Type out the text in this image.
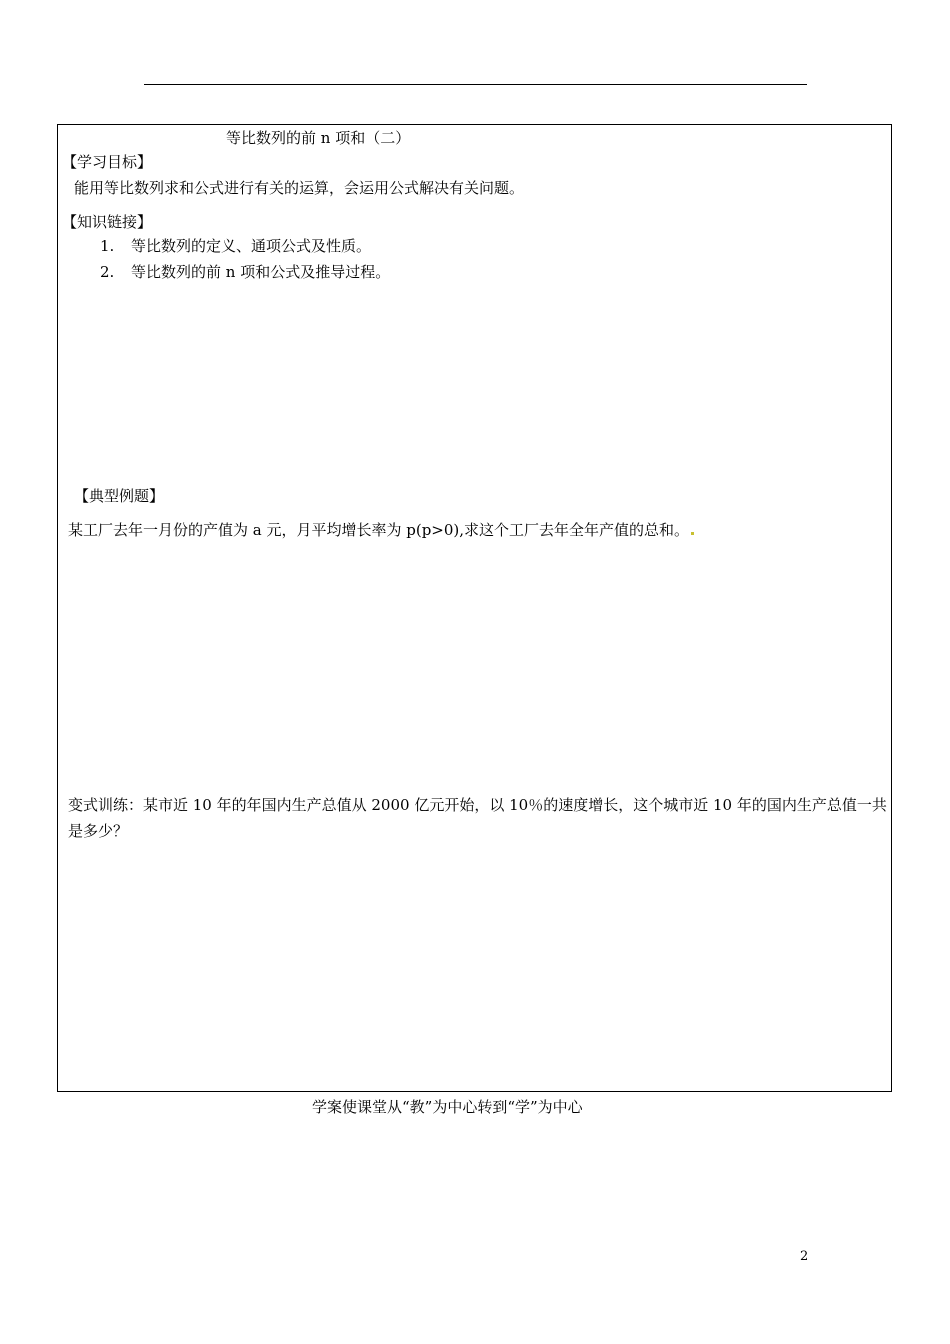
等比数列的前 n 项和（二）
【学习目标】
能用等比数列求和公式进行有关的运算，会运用公式解决有关问题。
【知识链接】
1. 等比数列的定义、通项公式及性质。
2. 等比数列的前 n 项和公式及推导过程。
【典型例题】
某工厂去年一月份的产值为 a 元，月平均增长率为 p(p>0),求这个工厂去年全年产值的总和。
变式训练：某市近 10 年的年国内生产总值从 2000 亿元开始，以 10％的速度增长，这个城市近 10 年的国内生产总值一共是多少？
学案使课堂从“教”为中心转到“学”为中心
2
